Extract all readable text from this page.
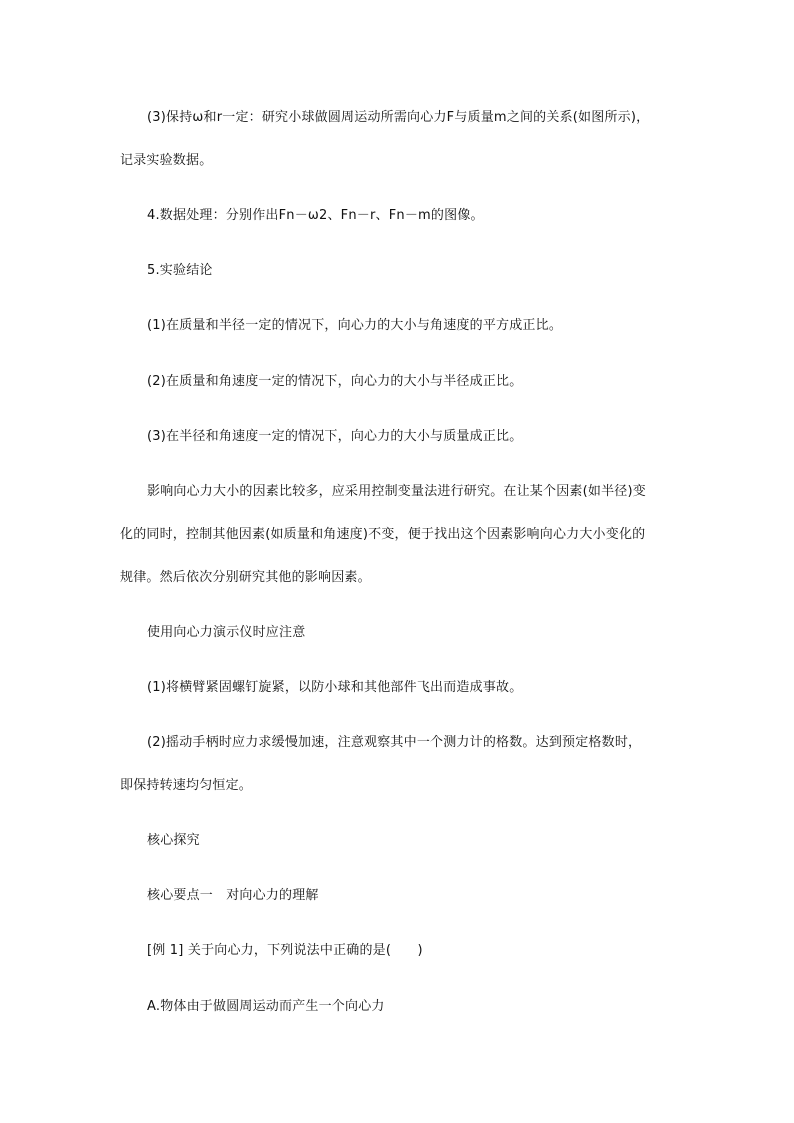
(3)保持ω和r一定：研究小球做圆周运动所需向心力F与质量m之间的关系(如图所示)，
记录实验数据。
4.数据处理：分别作出Fn－ω2、Fn－r、Fn－m的图像。
5.实验结论
(1)在质量和半径一定的情况下，向心力的大小与角速度的平方成正比。
(2)在质量和角速度一定的情况下，向心力的大小与半径成正比。
(3)在半径和角速度一定的情况下，向心力的大小与质量成正比。
影响向心力大小的因素比较多，应采用控制变量法进行研究。在让某个因素(如半径)变
化的同时，控制其他因素(如质量和角速度)不变，便于找出这个因素影响向心力大小变化的
规律。然后依次分别研究其他的影响因素。
使用向心力演示仪时应注意
(1)将横臂紧固螺钉旋紧，以防小球和其他部件飞出而造成事故。
(2)摇动手柄时应力求缓慢加速，注意观察其中一个测力计的格数。达到预定格数时，
即保持转速均匀恒定。
核心探究
核心要点一　对向心力的理解
[例 1] 关于向心力，下列说法中正确的是(　　)
A.物体由于做圆周运动而产生一个向心力
